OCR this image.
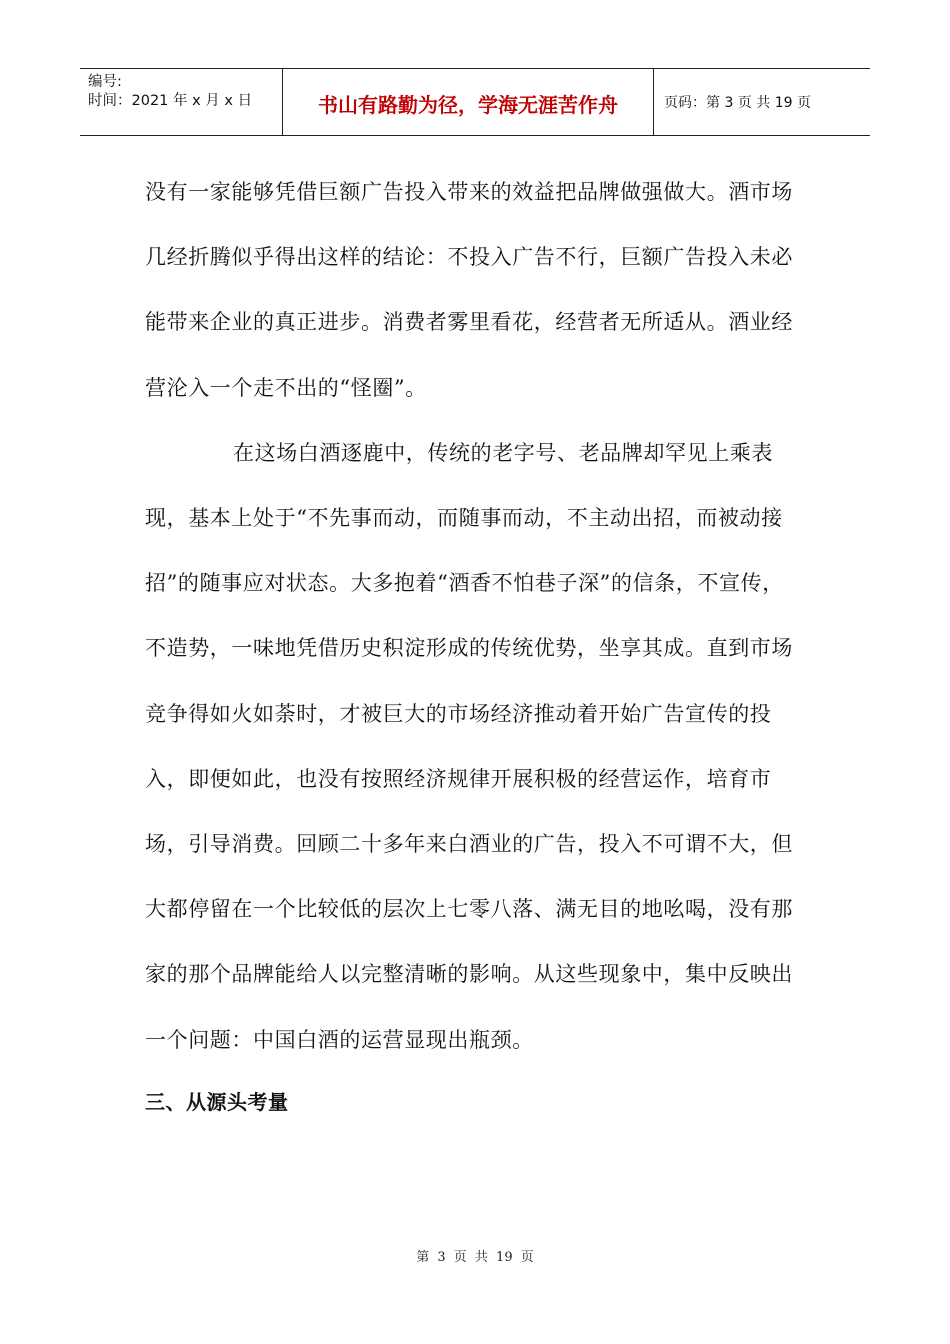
编号:
时间：2021 年 x 月 x 日	书山有路勤为径，学海无涯苦作舟	页码：第 3 页 共 19 页

没有一家能够凭借巨额广告投入带来的效益把品牌做强做大。酒市场几经折腾似乎得出这样的结论：不投入广告不行，巨额广告投入未必能带来企业的真正进步。消费者雾里看花，经营者无所适从。酒业经营沦入一个走不出的“怪圈”。

在这场白酒逐鹿中，传统的老字号、老品牌却罕见上乘表现，基本上处于“不先事而动，而随事而动，不主动出招，而被动接招”的随事应对状态。大多抱着“酒香不怕巷子深”的信条，不宣传，不造势，一味地凭借历史积淀形成的传统优势，坐享其成。直到市场竞争得如火如荼时，才被巨大的市场经济推动着开始广告宣传的投入，即便如此，也没有按照经济规律开展积极的经营运作，培育市场，引导消费。回顾二十多年来白酒业的广告，投入不可谓不大，但大都停留在一个比较低的层次上七零八落、满无目的地吆喝，没有那家的那个品牌能给人以完整清晰的影响。从这些现象中，集中反映出一个问题：中国白酒的运营显现出瓶颈。

三、从源头考量
第 3 页 共 19 页
